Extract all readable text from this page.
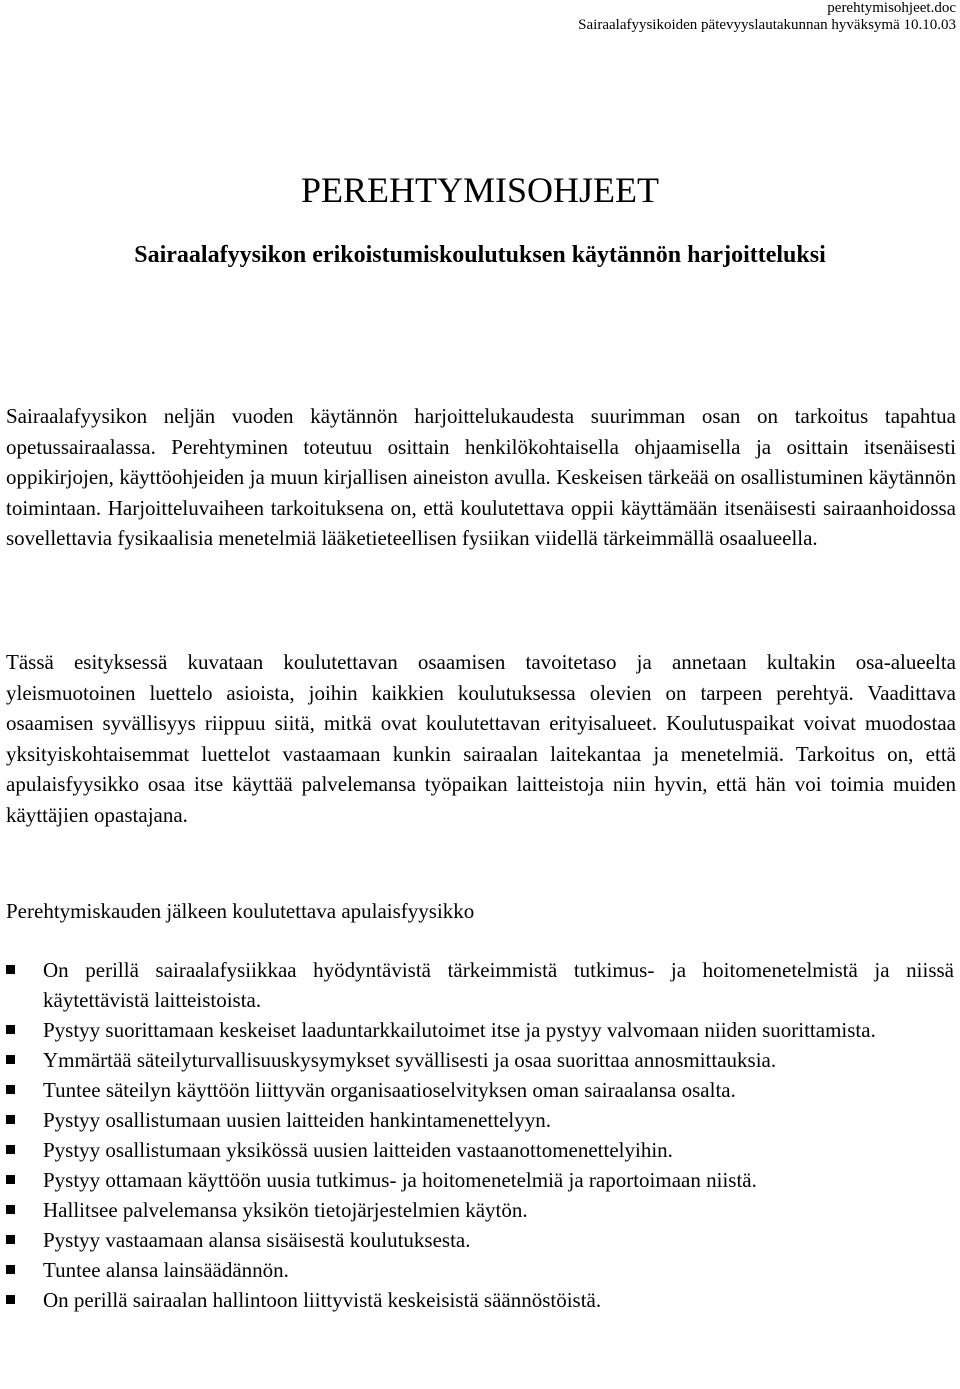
perehtymisohjeet.doc
Sairaalafyysikoiden pätevyyslautakunnan hyväksymä 10.10.03
PEREHTYMISOHJEET
Sairaalafyysikon erikoistumiskoulutuksen käytännön harjoitteluksi

Sairaalafyysikon neljän vuoden käytännön harjoittelukaudesta suurimman osan on tarkoitus tapahtua opetussairaalassa. Perehtyminen toteutuu osittain henkilökohtaisella ohjaamisella ja osittain itsenäisesti oppikirjojen, käyttöohjeiden ja muun kirjallisen aineiston avulla. Keskeisen tärkeää on osallistuminen käytännön toimintaan. Harjoitteluvaiheen tarkoituksena on, että koulutettava oppii käyttämään itsenäisesti sairaanhoidossa sovellettavia fysikaalisia menetelmiä lääketieteellisen fysiikan viidellä tärkeimmällä osaalueella.

Tässä esityksessä kuvataan koulutettavan osaamisen tavoitetaso ja annetaan kultakin osa-alueelta yleismuotoinen luettelo asioista, joihin kaikkien koulutuksessa olevien on tarpeen perehtyä. Vaadittava osaamisen syvällisyys riippuu siitä, mitkä ovat koulutettavan erityisalueet. Koulutuspaikat voivat muodostaa yksityiskohtaisemmat luettelot vastaamaan kunkin sairaalan laitekantaa ja menetelmiä. Tarkoitus on, että apulaisfyysikko osaa itse käyttää palvelemansa työpaikan laitteistoja niin hyvin, että hän voi toimia muiden käyttäjien opastajana.

Perehtymiskauden jälkeen koulutettava apulaisfyysikko

On perillä sairaalafysiikkaa hyödyntävistä tärkeimmistä tutkimus- ja hoitomenetelmistä ja niissä käytettävistä laitteistoista.
Pystyy suorittamaan keskeiset laaduntarkkailutoimet itse ja pystyy valvomaan niiden suorittamista.
Ymmärtää säteilyturvallisuuskysymykset syvällisesti ja osaa suorittaa annosmittauksia.
Tuntee säteilyn käyttöön liittyvän organisaatioselvityksen oman sairaalansa osalta.
Pystyy osallistumaan uusien laitteiden hankintamenettelyyn.
Pystyy osallistumaan yksikössä uusien laitteiden vastaanottomenettelyihin.
Pystyy ottamaan käyttöön uusia tutkimus- ja hoitomenetelmiä ja raportoimaan niistä.
Hallitsee palvelemansa yksikön tietojärjestelmien käytön.
Pystyy vastaamaan alansa sisäisestä koulutuksesta.
Tuntee alansa lainsäädännön.
On perillä sairaalan hallintoon liittyvistä keskeisistä säännöstöistä.
